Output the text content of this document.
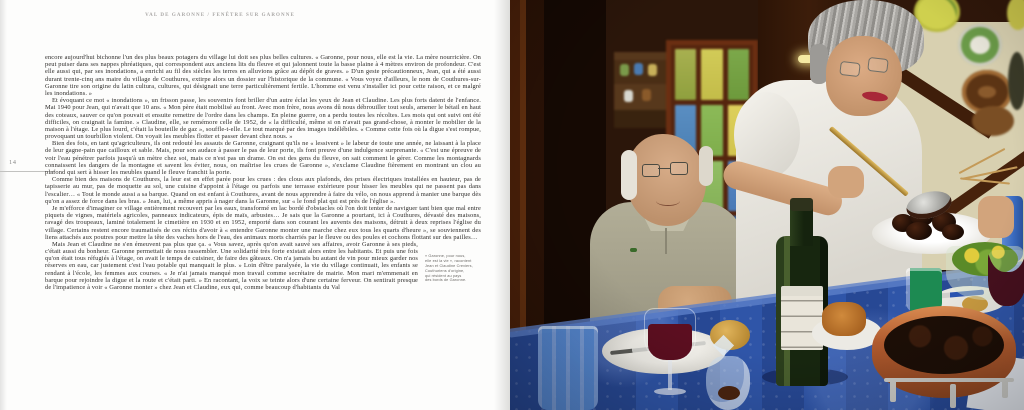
VAL DE GARONNE / FENÊTRE SUR GARONNE
14

encore aujourd'hui bichonne l'un des plus beaux potagers du village lui doit ses plus belles cultures. « Garonne, pour nous, elle est la vie. La mère nourricière. On peut puiser dans ses nappes phréatiques, qui correspondent aux anciens lits du fleuve et qui jalonnent toute la basse plaine à 4 mètres environ de profondeur. C'est elle aussi qui, par ses inondations, a enrichi au fil des siècles les terres en alluvions grâce au dépôt de graves. » D'un geste précautionneux, Jean, qui a été aussi durant trente-cinq ans maire du village de Couthures, extirpe alors un dossier sur l'historique de la commune. « Vous voyez d'ailleurs, le nom de Couthures-sur-Garonne tire son origine du latin cultura, cultures, qui désignait une terre particulièrement fertile. L'homme est venu s'installer ici pour cette raison, et ce malgré les inondations. »

Et évoquant ce mot « inondations », un frisson passe, les souvenirs font briller d'un autre éclat les yeux de Jean et Claudine. Les plus forts datent de l'enfance. Mai 1940 pour Jean, qui n'avait que 10 ans. « Mon père était mobilisé au front. Avec mon frère, nous avons dû nous débrouiller tout seuls, amener le bétail en haut des coteaux, sauver ce qu'on pouvait et ensuite remettre de l'ordre dans les champs. En pleine guerre, on a perdu toutes les récoltes. Les mois qui ont suivi ont été difficiles, on craignait la famine. » Claudine, elle, se remémore celle de 1952, de « la difficulté, même si on n'avait pas grand-chose, à monter le mobilier de la maison à l'étage. Le plus lourd, c'était la bouteille de gaz », souffle-t-elle. Le tout marqué par des images indélébiles. « Comme cette fois où la digue s'est rompue, provoquant un tourbillon violent. On voyait les meubles flotter et passer devant chez nous. »

Bien des fois, en tant qu'agriculteurs, ils ont redouté les assauts de Garonne, craignant qu'ils ne « lessivent » le labeur de toute une année, ne laissant à la place de leur gagne-pain que cailloux et sable. Mais, pour son audace à passer le pas de leur porte, ils font preuve d'une indulgence surprenante. « C'est une épreuve de voir l'eau pénétrer parfois jusqu'à un mètre chez soi, mais ce n'est pas un drame. On est des gens du fleuve, on sait comment le gérer. Comme les montagnards connaissent les dangers de la montagne et savent les éviter, nous, on maîtrise les crues de Garonne », s'exclame Claudine fièrement en montrant un clou au plafond qui sert à hisser les meubles quand le fleuve franchit la porte.

Comme bien des maisons de Couthures, la leur est en effet parée pour les crues : des clous aux plafonds, des prises électriques installées en hauteur, pas de tapisserie au mur, pas de moquette au sol, une cuisine d'appoint à l'étage ou parfois une terrasse extérieure pour hisser les meubles qui ne passent pas dans l'escalier… « Tout le monde aussi a sa barque. Quand on est enfant à Couthures, avant de nous apprendre à faire du vélo, on nous apprend à manier une barque dès qu'on a assez de force dans les bras. » Jean, lui, a même appris à nager dans la Garonne, sur « le fond plat qui est près de l'église ».

Je m'efforce d'imaginer ce village entièrement recouvert par les eaux, transformé en lac bordé d'obstacles où l'on doit tenter de naviguer tant bien que mal entre piquets de vignes, matériels agricoles, panneaux indicateurs, épis de maïs, arbustes… Je sais que la Garonne a pourtant, ici à Couthures, dévasté des maisons, ravagé des troupeaux, laminé totalement le cimetière en 1930 et en 1952, emporté dans son courant les auvents des maisons, détruit à deux reprises l'église du village. Certains restent encore traumatisés de ces récits d'avoir à « entendre Garonne monter une marche chez eux tous les quarts d'heure », se souviennent des liens attachés aux poutres pour mettre la tête des vaches hors de l'eau, des animaux morts charriés par le fleuve ou des poules et cochons flottant sur des pailles…

« Garonne, pour nous,
elle est la vie », racontent
Jean et Claudine Creviers,
Couthuriens d'origine,
qui résident au pays
des bords de Garonne.
Mais Jean et Claudine ne s'en émeuvent pas plus que ça. « Vous savez, après qu'on avait sauvé ses affaires, avoir Garonne à ses pieds, c'était aussi du bonheur. Garonne permettait de nous rassembler. Une solidarité très forte existait alors entre les habitants. Et puis une fois qu'on était tous réfugiés à l'étage, on avait le temps de cuisiner, de faire des gâteaux. On n'a jamais bu autant de vin pour mieux garder nos réserves en eau, car justement c'est l'eau potable qui manquait le plus. » Loin d'être paralysée, la vie du village continuait, les enfants se rendant à l'école, les femmes aux courses. « Je n'ai jamais manqué mon travail comme secrétaire de mairie. Mon mari m'emmenait en barque pour rejoindre la digue et la route et c'était parti. » En racontant, la voix se teinte alors d'une certaine ferveur. On sentirait presque de l'impatience à voir « Garonne monter » chez Jean et Claudine, eux qui, comme beaucoup d'habitants du Val
